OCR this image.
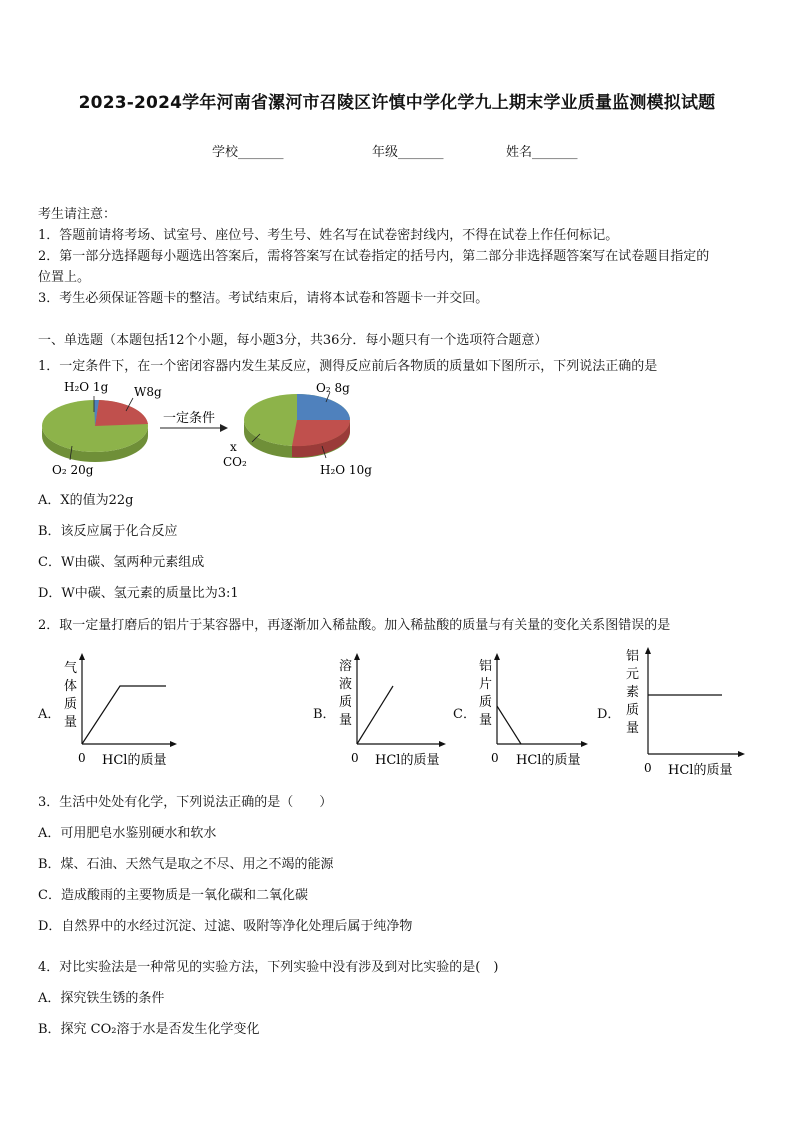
2023-2024学年河南省漯河市召陵区许慎中学化学九上期末学业质量监测模拟试题
学校_______	年级_______	姓名_______
考生请注意：
1．答题前请将考场、试室号、座位号、考生号、姓名写在试卷密封线内，不得在试卷上作任何标记。
2．第一部分选择题每小题选出答案后，需将答案写在试卷指定的括号内，第二部分非选择题答案写在试卷题目指定的
位置上。
3．考生必须保证答题卡的整洁。考试结束后，请将本试卷和答题卡一并交回。
一、单选题（本题包括12个小题，每小题3分，共36分．每小题只有一个选项符合题意）
1．一定条件下，在一个密闭容器内发生某反应，测得反应前后各物质的质量如下图所示，下列说法正确的是
H₂O 1g W8g
O₂ 20g
一定条件
O₂ 8g
x
CO₂
H₂O 10g
A．X的值为22g
B．该反应属于化合反应
C．W由碳、氢两种元素组成
D．W中碳、氢元素的质量比为3:1
2．取一定量打磨后的铝片于某容器中，再逐渐加入稀盐酸。加入稀盐酸的质量与有关量的变化关系图错误的是
A．
气
体
质
量
0 HCl的质量
B．
溶
液
质
量
0 HCl的质量
C．
铝
片
质
量
0 HCl的质量
D．
铝
元
素
质
量
0 HCl的质量
3．生活中处处有化学，下列说法正确的是（　　）
A．可用肥皂水鉴别硬水和软水
B．煤、石油、天然气是取之不尽、用之不竭的能源
C．造成酸雨的主要物质是一氧化碳和二氧化碳
D．自然界中的水经过沉淀、过滤、吸附等净化处理后属于纯净物
4．对比实验法是一种常见的实验方法，下列实验中没有涉及到对比实验的是(　)
A．探究铁生锈的条件
B．探究 CO₂溶于水是否发生化学变化
